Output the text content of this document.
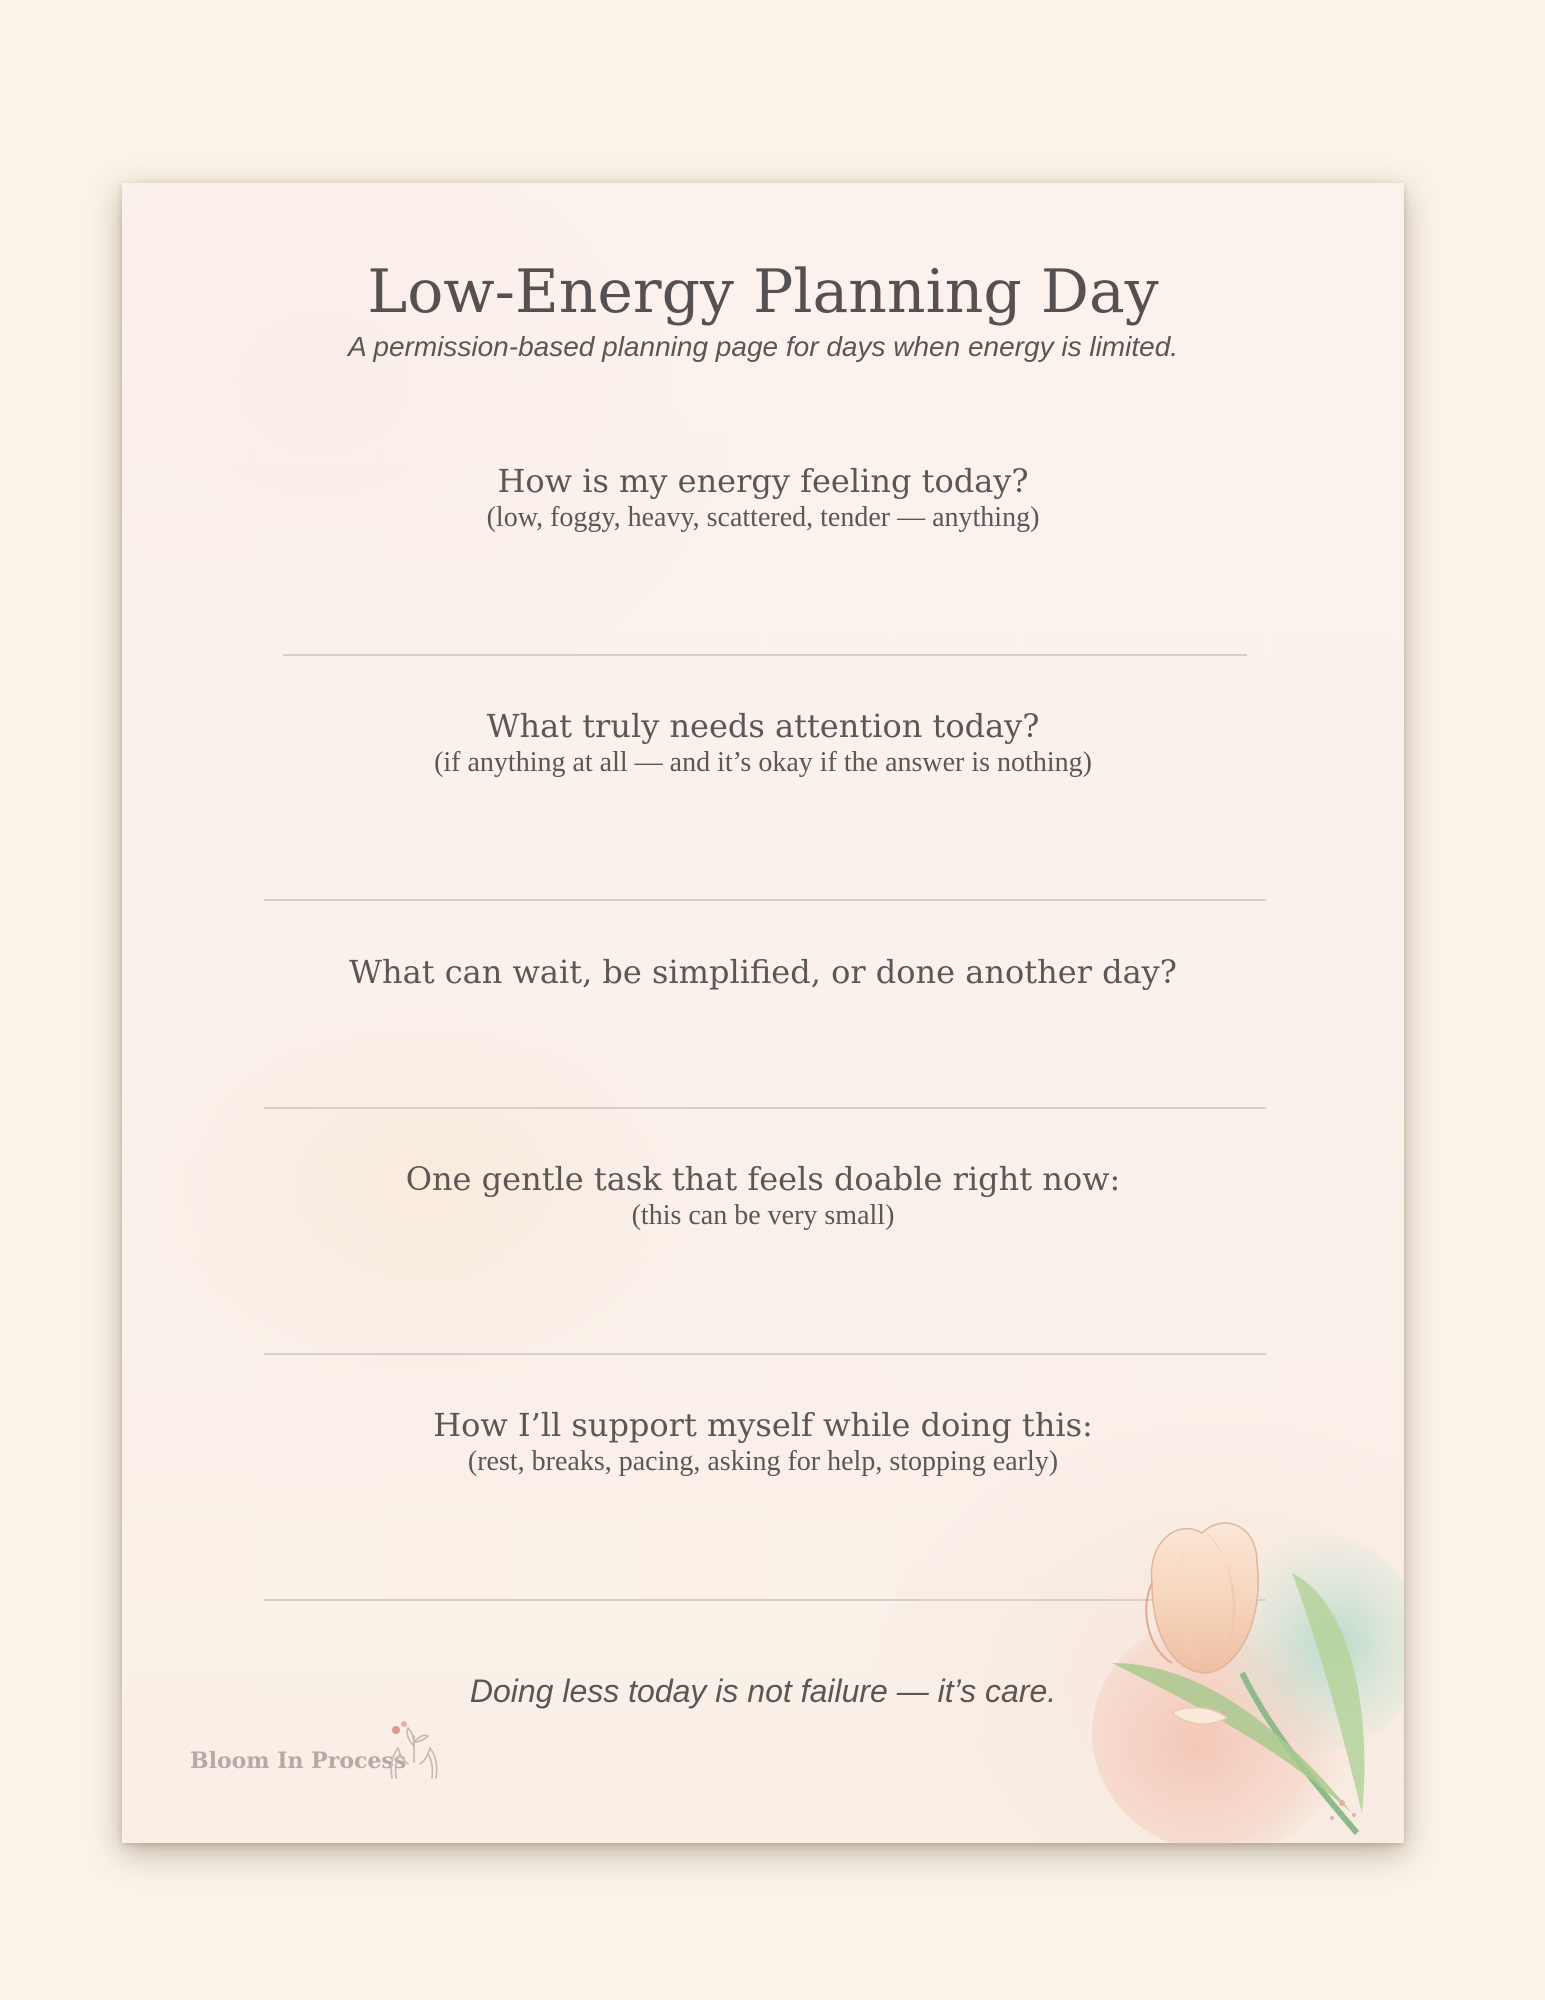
Low-Energy Planning Day
A permission-based planning page for days when energy is limited.
How is my energy feeling today?
(low, foggy, heavy, scattered, tender — anything)
What truly needs attention today?
(if anything at all — and it’s okay if the answer is nothing)
What can wait, be simplified, or done another day?
One gentle task that feels doable right now:
(this can be very small)
How I’ll support myself while doing this:
(rest, breaks, pacing, asking for help, stopping early)
Doing less today is not failure — it’s care.
Bloom In Process
